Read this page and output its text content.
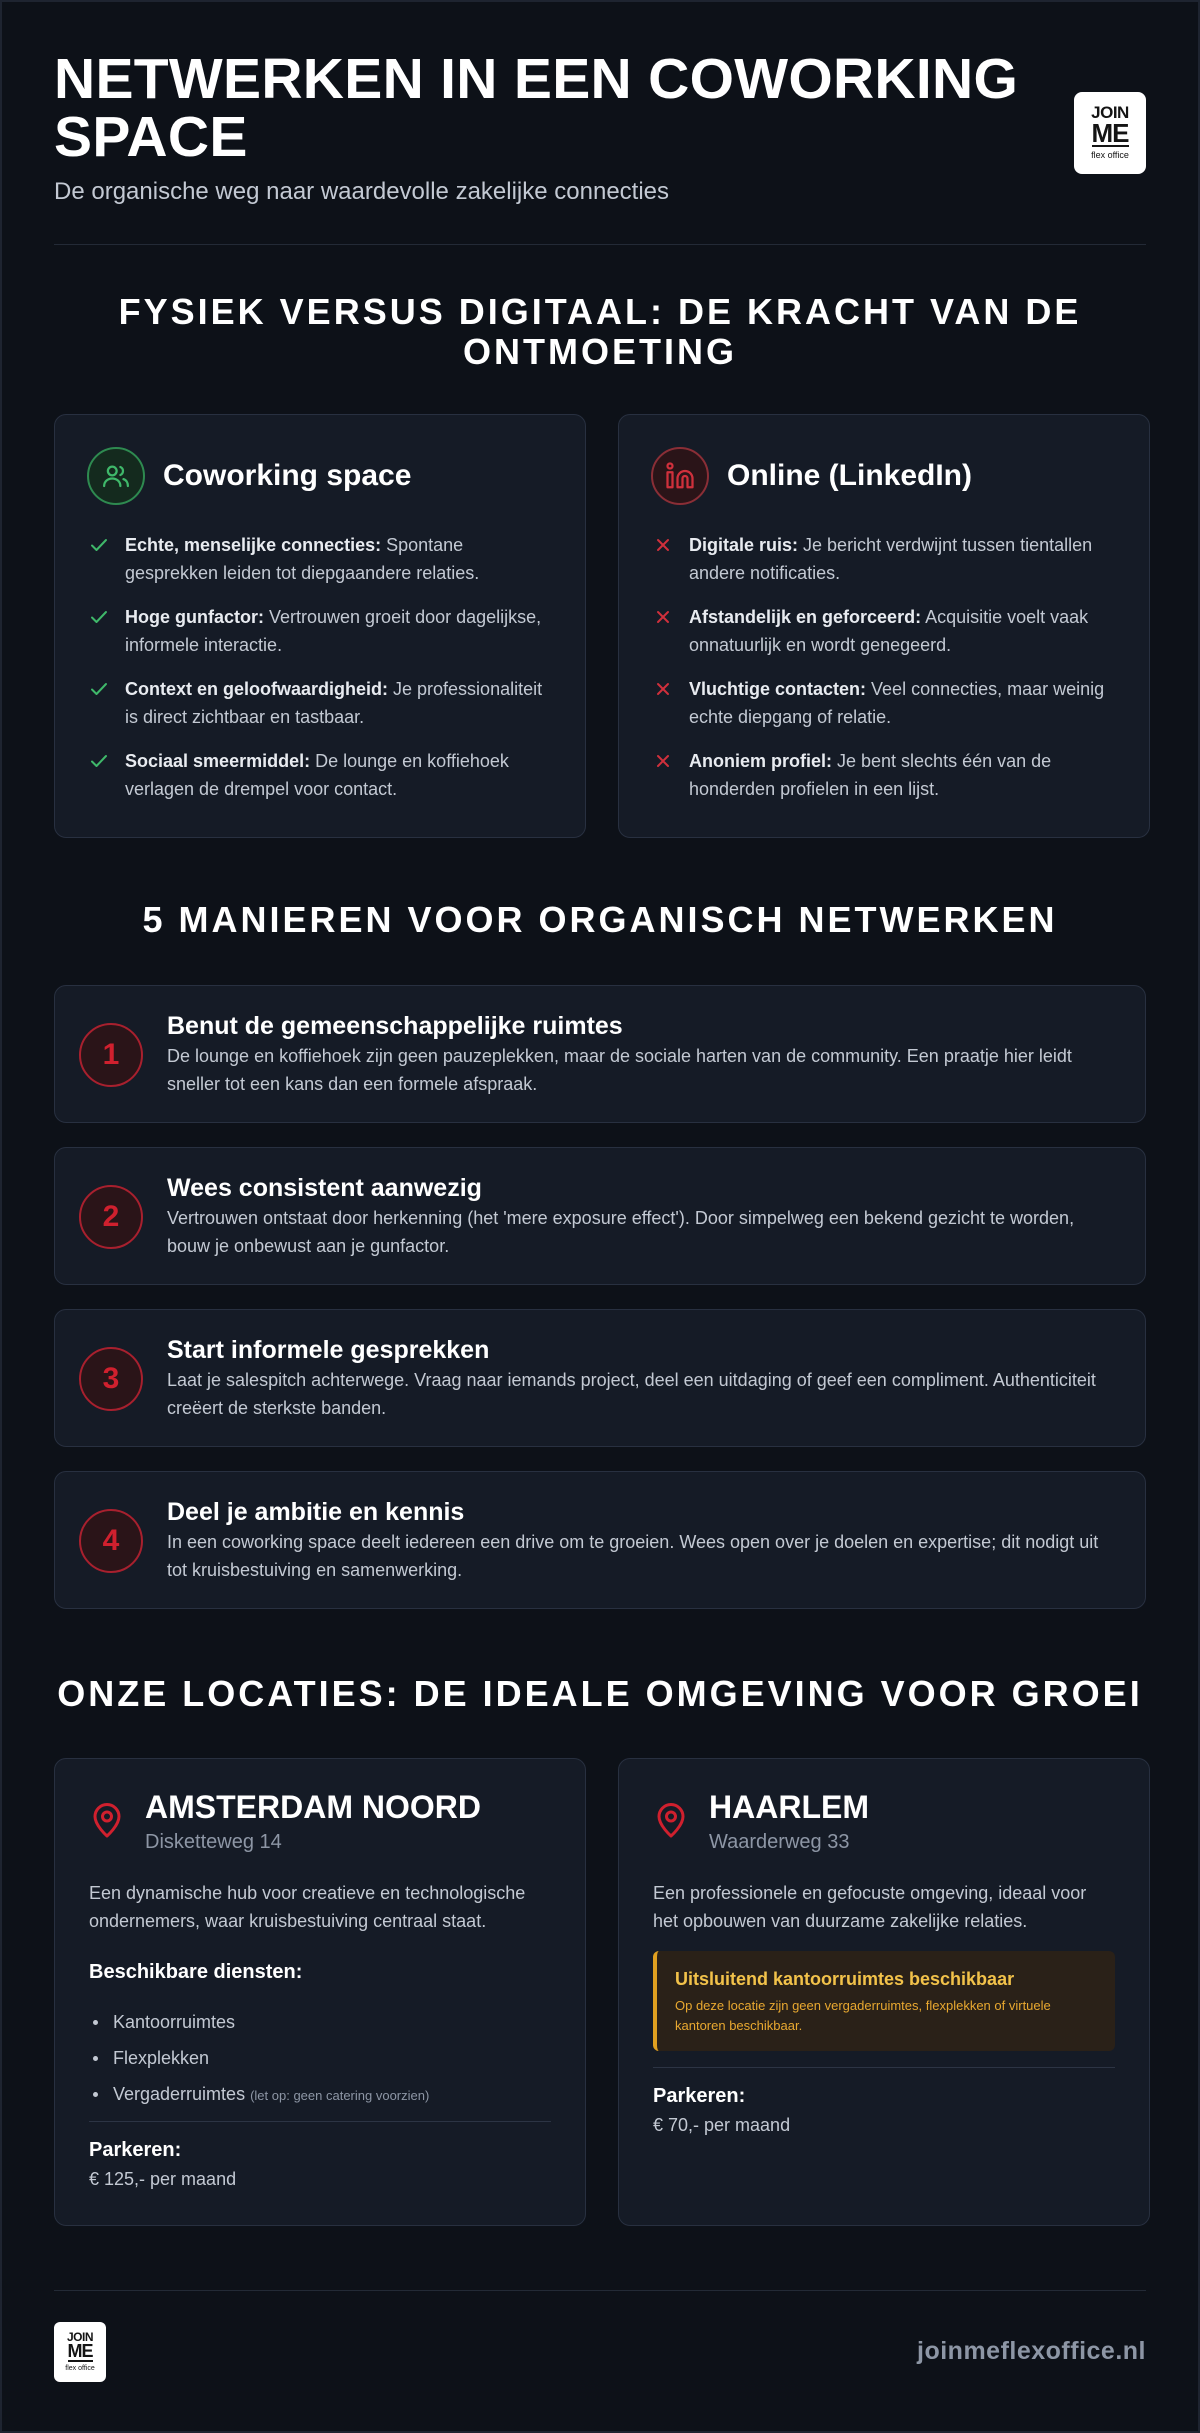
NETWERKEN IN EEN COWORKING SPACE
De organische weg naar waardevolle zakelijke connecties
JOIN
ME
flex office
FYSIEK VERSUS DIGITAAL: DE KRACHT VAN DE ONTMOETING
Coworking space
Echte, menselijke connecties: Spontane gesprekken leiden tot diepgaandere relaties.
Hoge gunfactor: Vertrouwen groeit door dagelijkse, informele interactie.
Context en geloofwaardigheid: Je professionaliteit is direct zichtbaar en tastbaar.
Sociaal smeermiddel: De lounge en koffiehoek verlagen de drempel voor contact.
Online (LinkedIn)
Digitale ruis: Je bericht verdwijnt tussen tientallen andere notificaties.
Afstandelijk en geforceerd: Acquisitie voelt vaak onnatuurlijk en wordt genegeerd.
Vluchtige contacten: Veel connecties, maar weinig echte diepgang of relatie.
Anoniem profiel: Je bent slechts één van de honderden profielen in een lijst.
5 MANIEREN VOOR ORGANISCH NETWERKEN
1
Benut de gemeenschappelijke ruimtes
De lounge en koffiehoek zijn geen pauzeplekken, maar de sociale harten van de community. Een praatje hier leidt sneller tot een kans dan een formele afspraak.
2
Wees consistent aanwezig
Vertrouwen ontstaat door herkenning (het 'mere exposure effect'). Door simpelweg een bekend gezicht te worden, bouw je onbewust aan je gunfactor.
3
Start informele gesprekken
Laat je salespitch achterwege. Vraag naar iemands project, deel een uitdaging of geef een compliment. Authenticiteit creëert de sterkste banden.
4
Deel je ambitie en kennis
In een coworking space deelt iedereen een drive om te groeien. Wees open over je doelen en expertise; dit nodigt uit tot kruisbestuiving en samenwerking.
ONZE LOCATIES: DE IDEALE OMGEVING VOOR GROEI
AMSTERDAM NOORD
Disketteweg 14
Een dynamische hub voor creatieve en technologische ondernemers, waar kruisbestuiving centraal staat.
Beschikbare diensten:
Kantoorruimtes
Flexplekken
Vergaderruimtes (let op: geen catering voorzien)
Parkeren:
€ 125,- per maand
HAARLEM
Waarderweg 33
Een professionele en gefocuste omgeving, ideaal voor het opbouwen van duurzame zakelijke relaties.
Uitsluitend kantoorruimtes beschikbaar
Op deze locatie zijn geen vergaderruimtes, flexplekken of virtuele kantoren beschikbaar.
Parkeren:
€ 70,- per maand
JOIN
ME
flex office
joinmeflexoffice.nl
